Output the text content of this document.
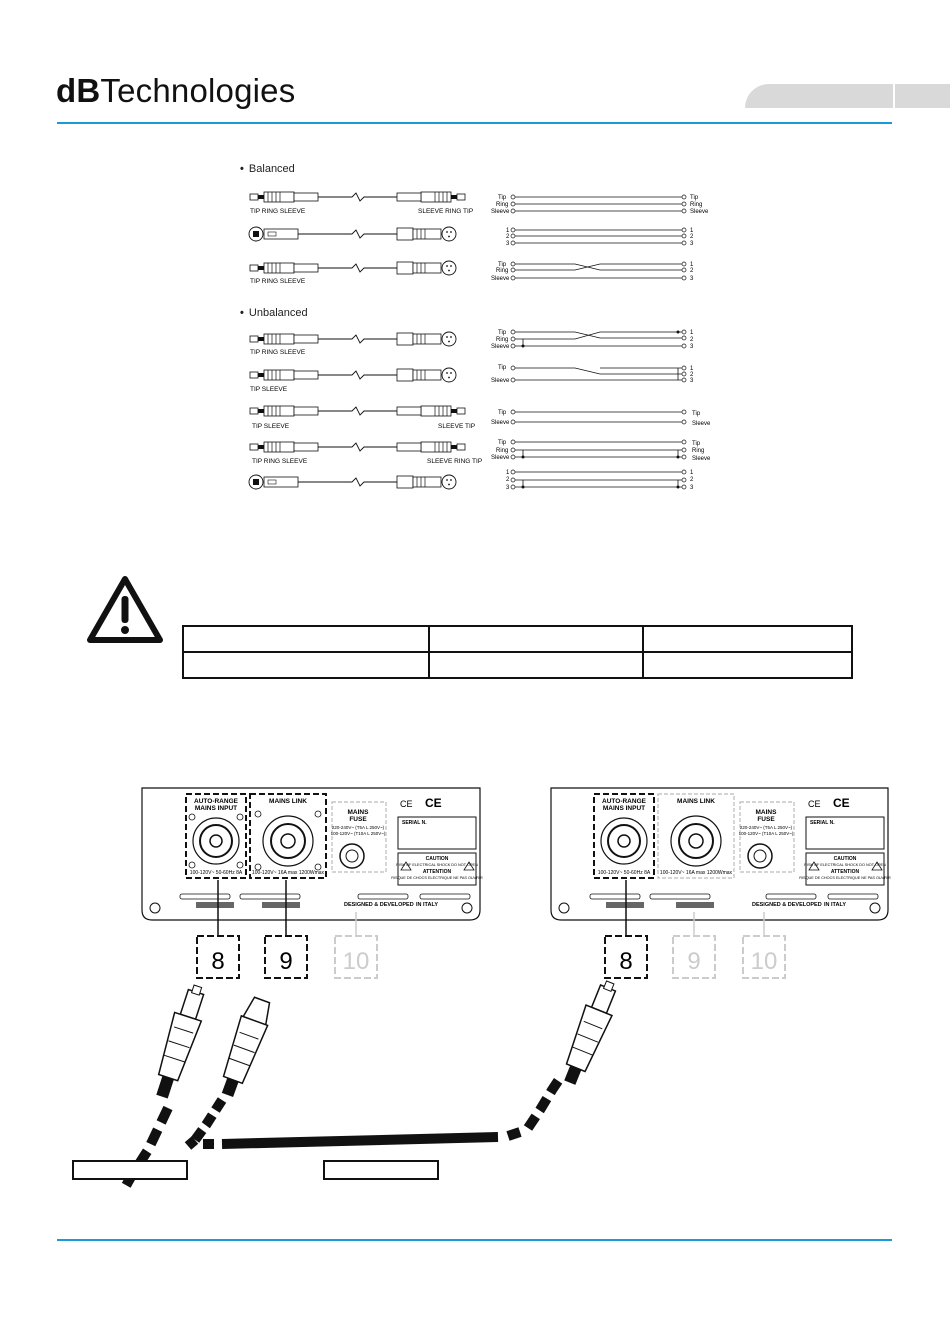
dBTechnologies
• Balanced
• Unbalanced
TIP RING SLEEVE	SLEEVE RING TIP
Tip
Ring
Sleeve
Tip
Ring
Sleeve
1
2
3
1
2
3
TIP RING SLEEVE
Tip
Ring
Sleeve
1
2
3
TIP RING SLEEVE
Tip
Ring
Sleeve
1
2
3
TIP SLEEVE
Tip
Sleeve
1
2
3
TIP SLEEVE	SLEEVE TIP
Tip
Sleeve
Tip
Sleeve
TIP RING SLEEVE	SLEEVE RING TIP
Tip
Ring
Sleeve
Tip
Ring
Sleeve
1
2
3
1
2
3

AUTO-RANGE
MAINS INPUT
100-120V~ 50-60Hz 8A
MAINS LINK
100-120V~ 16A max 1200Wmax
MAINS
FUSE
220-240V~ (T5A L 250V~)
100-120V~ (T10A L 250V~)
CE CE
SERIAL N.
CAUTION
RISK OF ELECTRICAL SHOCK DO NOT OPEN
ATTENTION
RISQUE DE CHOCS ELECTRIQUE NE PAS OUVRIR
DESIGNED & DEVELOPED IN ITALY
8 9 10
AUTO-RANGE
MAINS INPUT
100-120V~ 50-60Hz 8A
MAINS LINK
100-120V~ 16A max 1200Wmax
MAINS
FUSE
220-240V~ (T5A L 250V~)
100-120V~ (T10A L 250V~)
CE CE
SERIAL N.
CAUTION
RISK OF ELECTRICAL SHOCK DO NOT OPEN
ATTENTION
RISQUE DE CHOCS ELECTRIQUE NE PAS OUVRIR
DESIGNED & DEVELOPED IN ITALY
8 9 10
